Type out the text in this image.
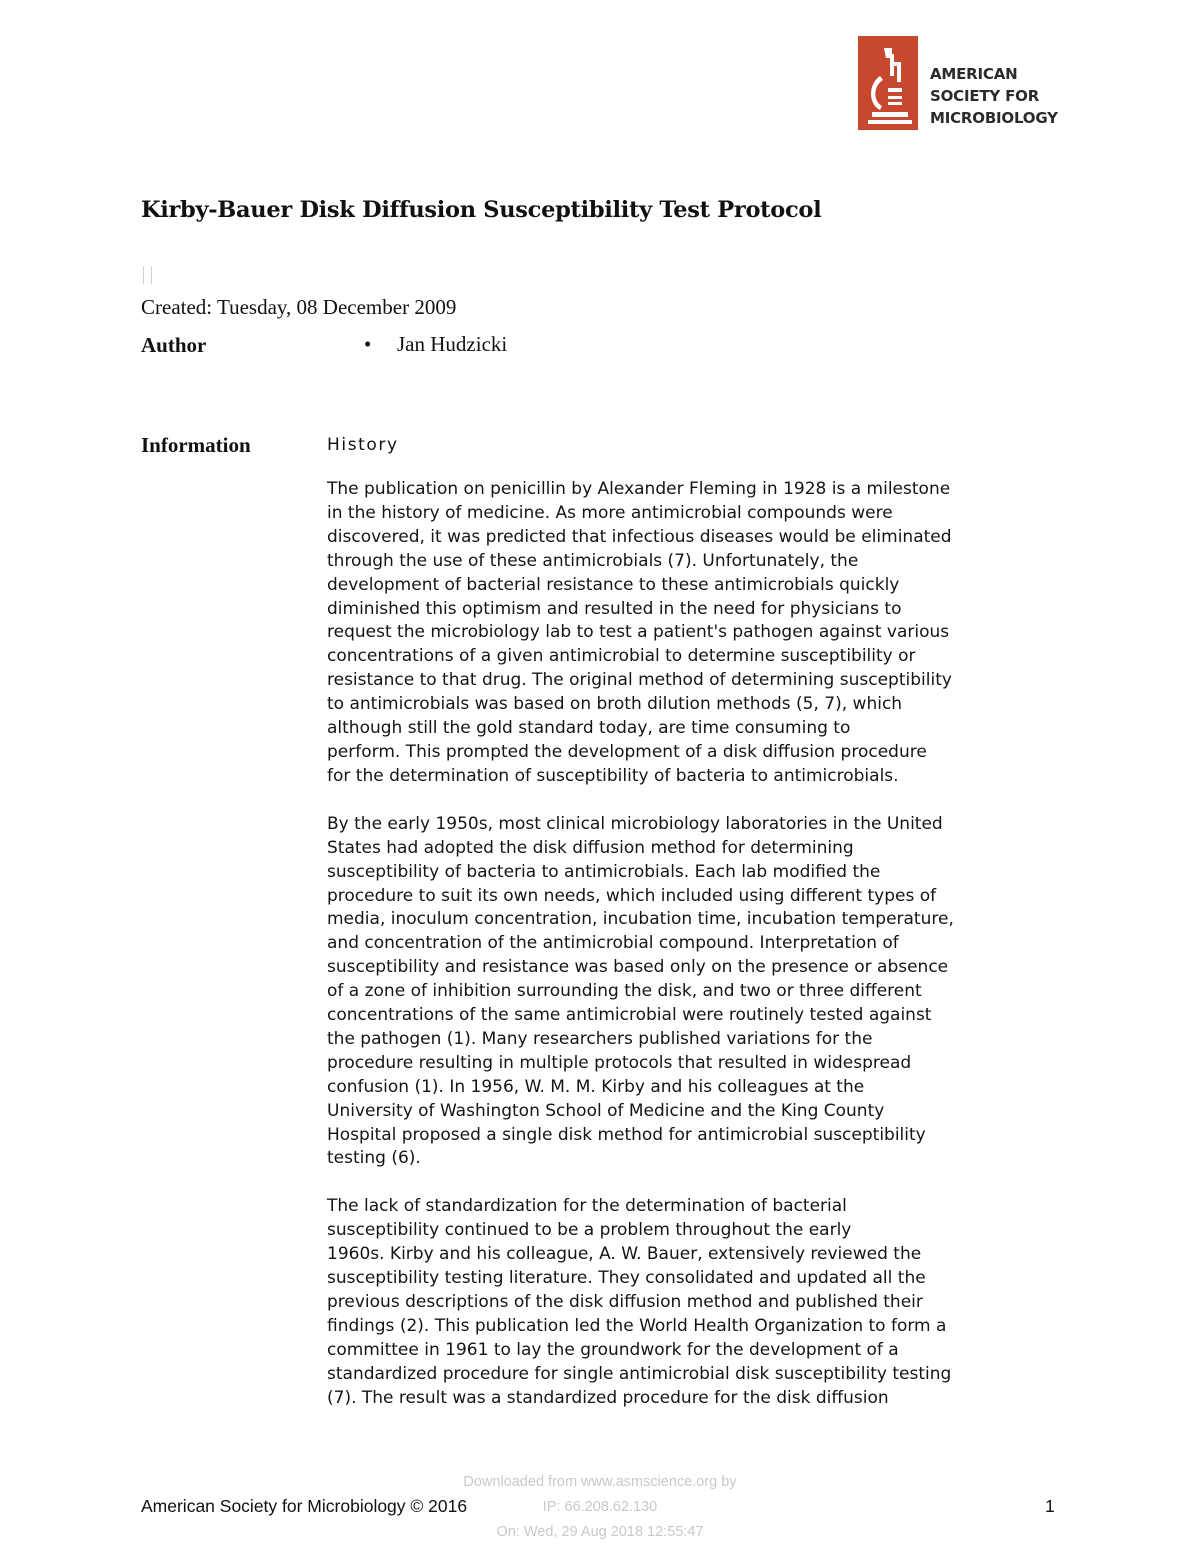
AMERICAN
SOCIETY FOR
MICROBIOLOGY
Kirby-Bauer Disk Diffusion Susceptibility Test Protocol
Created: Tuesday, 08 December 2009
Author	• Jan Hudzicki
Information	History

The publication on penicillin by Alexander Fleming in 1928 is a milestone
in the history of medicine. As more antimicrobial compounds were
discovered, it was predicted that infectious diseases would be eliminated
through the use of these antimicrobials (7). Unfortunately, the
development of bacterial resistance to these antimicrobials quickly
diminished this optimism and resulted in the need for physicians to
request the microbiology lab to test a patient's pathogen against various
concentrations of a given antimicrobial to determine susceptibility or
resistance to that drug. The original method of determining susceptibility
to antimicrobials was based on broth dilution methods (5, 7), which
although still the gold standard today, are time consuming to
perform. This prompted the development of a disk diffusion procedure
for the determination of susceptibility of bacteria to antimicrobials.

By the early 1950s, most clinical microbiology laboratories in the United
States had adopted the disk diffusion method for determining
susceptibility of bacteria to antimicrobials. Each lab modified the
procedure to suit its own needs, which included using different types of
media, inoculum concentration, incubation time, incubation temperature,
and concentration of the antimicrobial compound. Interpretation of
susceptibility and resistance was based only on the presence or absence
of a zone of inhibition surrounding the disk, and two or three different
concentrations of the same antimicrobial were routinely tested against
the pathogen (1). Many researchers published variations for the
procedure resulting in multiple protocols that resulted in widespread
confusion (1). In 1956, W. M. M. Kirby and his colleagues at the
University of Washington School of Medicine and the King County
Hospital proposed a single disk method for antimicrobial susceptibility
testing (6).

The lack of standardization for the determination of bacterial
susceptibility continued to be a problem throughout the early
1960s. Kirby and his colleague, A. W. Bauer, extensively reviewed the
susceptibility testing literature. They consolidated and updated all the
previous descriptions of the disk diffusion method and published their
findings (2). This publication led the World Health Organization to form a
committee in 1961 to lay the groundwork for the development of a
standardized procedure for single antimicrobial disk susceptibility testing
(7). The result was a standardized procedure for the disk diffusion

Downloaded from www.asmscience.org by
IP: 66.208.62.130
On: Wed, 29 Aug 2018 12:55:47
American Society for Microbiology © 2016	1
